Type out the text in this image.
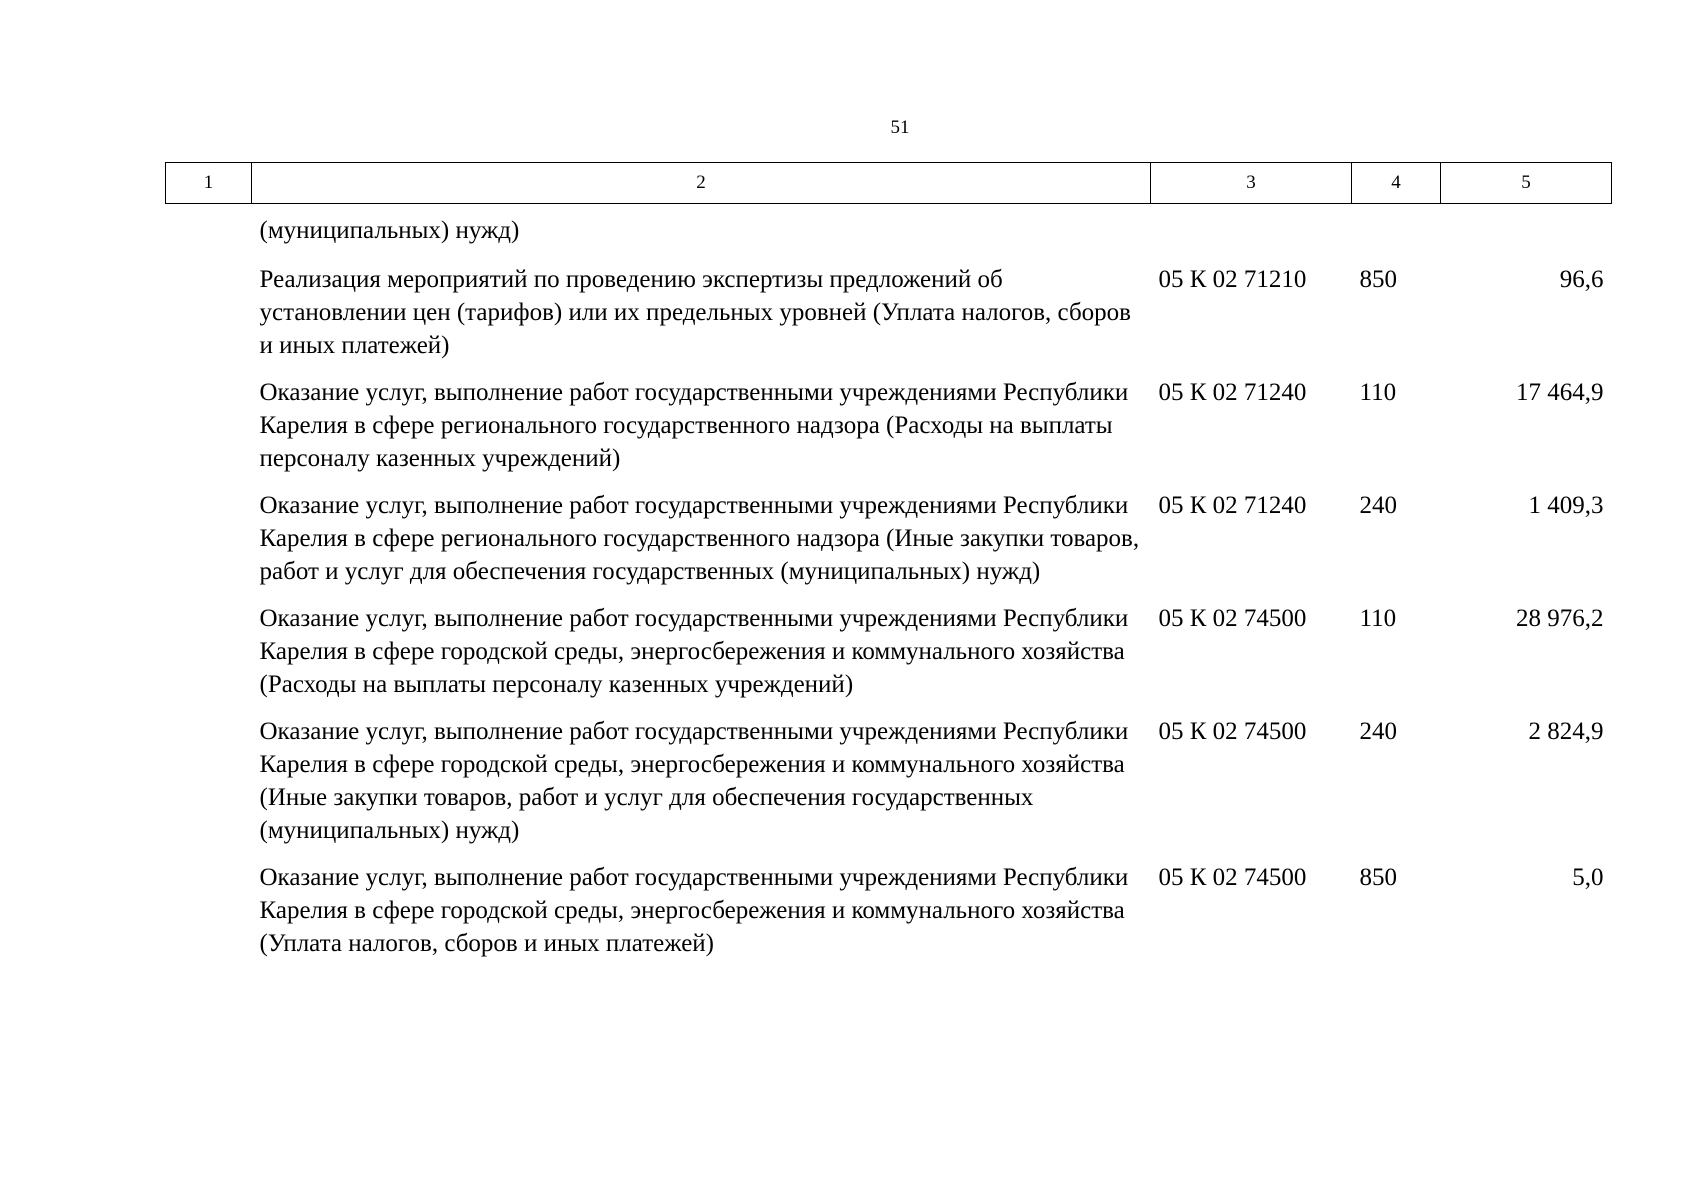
51
1	2	3	4	5
	(муниципальных) нужд)			
	Реализация мероприятий по проведению экспертизы предложений об установлении цен (тарифов) или их предельных уровней (Уплата налогов, сборов и иных платежей)	05 К 02 71210	850	96,6
	Оказание услуг, выполнение работ государственными учреждениями Республики Карелия в сфере регионального государственного надзора (Расходы на выплаты персоналу казенных учреждений)	05 К 02 71240	110	17 464,9
	Оказание услуг, выполнение работ государственными учреждениями Республики Карелия в сфере регионального государственного надзора (Иные закупки товаров, работ и услуг для обеспечения государственных (муниципальных) нужд)	05 К 02 71240	240	1 409,3
	Оказание услуг, выполнение работ государственными учреждениями Республики Карелия в сфере городской среды, энергосбережения и коммунального хозяйства (Расходы на выплаты персоналу казенных учреждений)	05 К 02 74500	110	28 976,2
	Оказание услуг, выполнение работ государственными учреждениями Республики Карелия в сфере городской среды, энергосбережения и коммунального хозяйства (Иные закупки товаров, работ и услуг для обеспечения государственных (муниципальных) нужд)	05 К 02 74500	240	2 824,9
	Оказание услуг, выполнение работ государственными учреждениями Республики Карелия в сфере городской среды, энергосбережения и коммунального хозяйства (Уплата налогов, сборов и иных платежей)	05 К 02 74500	850	5,0
